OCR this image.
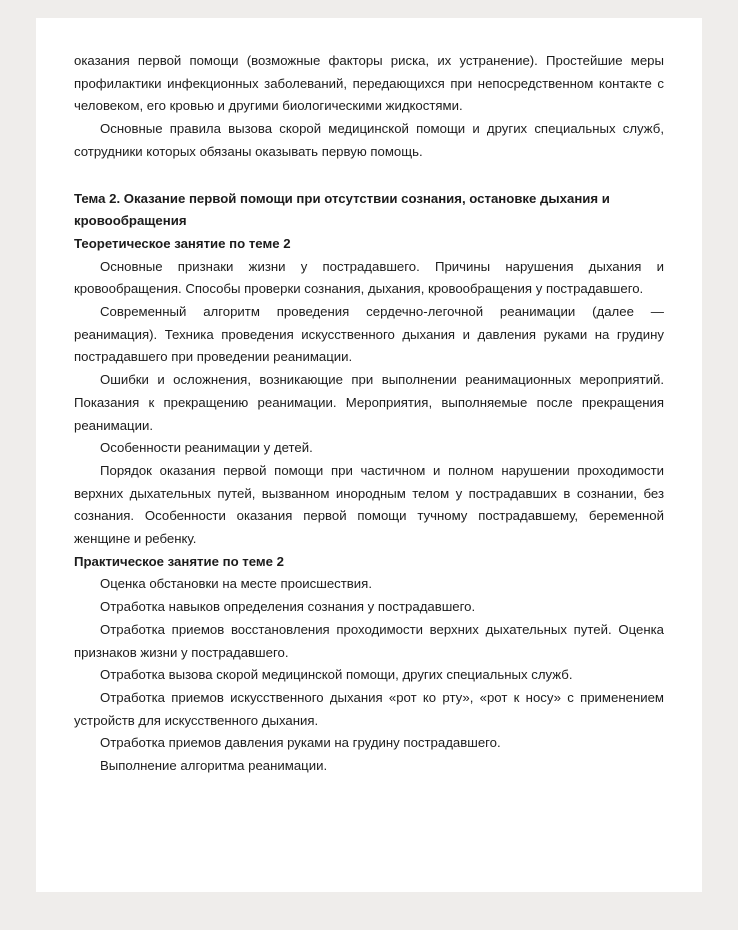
оказания первой помощи (возможные факторы риска, их устранение). Простейшие меры профилактики инфекционных заболеваний, передающихся при непосредственном контакте с человеком, его кровью и другими биологическими жидкостями.

Основные правила вызова скорой медицинской помощи и других специальных служб, сотрудники которых обязаны оказывать первую помощь.

Тема 2. Оказание первой помощи при отсутствии сознания, остановке дыхания и кровообращения

Теоретическое занятие по теме 2

Основные признаки жизни у пострадавшего. Причины нарушения дыхания и кровообращения. Способы проверки сознания, дыхания, кровообращения у пострадавшего.

Современный алгоритм проведения сердечно-легочной реанимации (далее — реанимация). Техника проведения искусственного дыхания и давления руками на грудину пострадавшего при проведении реанимации.

Ошибки и осложнения, возникающие при выполнении реанимационных мероприятий. Показания к прекращению реанимации. Мероприятия, выполняемые после прекращения реанимации.

Особенности реанимации у детей.

Порядок оказания первой помощи при частичном и полном нарушении проходимости верхних дыхательных путей, вызванном инородным телом у пострадавших в сознании, без сознания. Особенности оказания первой помощи тучному пострадавшему, беременной женщине и ребенку.

Практическое занятие по теме 2

Оценка обстановки на месте происшествия.

Отработка навыков определения сознания у пострадавшего.

Отработка приемов восстановления проходимости верхних дыхательных путей. Оценка признаков жизни у пострадавшего.

Отработка вызова скорой медицинской помощи, других специальных служб.

Отработка приемов искусственного дыхания «рот ко рту», «рот к носу» с применением устройств для искусственного дыхания.

Отработка приемов давления руками на грудину пострадавшего.

Выполнение алгоритма реанимации.
